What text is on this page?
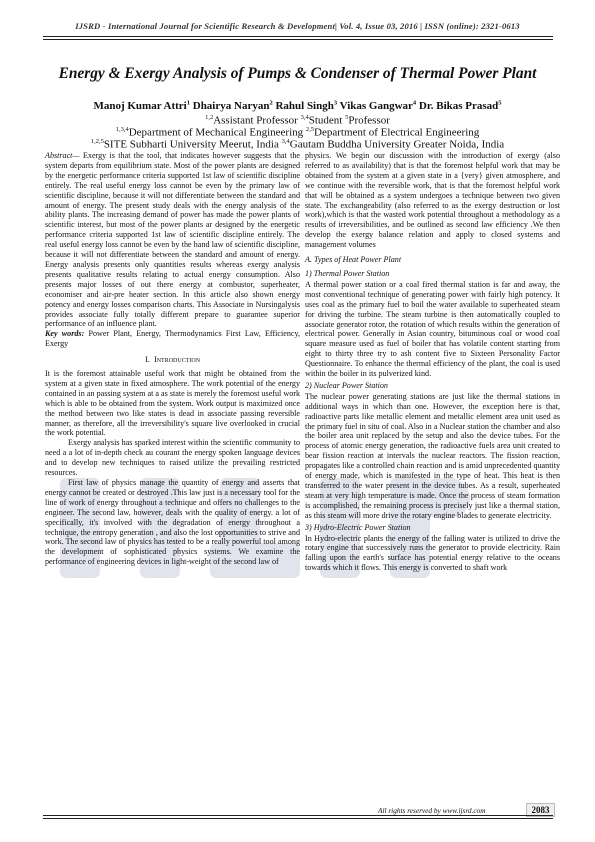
IJSRD - International Journal for Scientific Research & Development| Vol. 4, Issue 03, 2016 | ISSN (online): 2321-0613
Energy & Exergy Analysis of Pumps & Condenser of Thermal Power Plant
Manoj Kumar Attri$^1$ Dhairya Naryan$^2$ Rahul Singh$^3$ Vikas Gangwar$^4$ Dr. Bikas Prasad$^5$
$^{1,2}$Assistant Professor $^{3,4}$Student $^5$Professor
$^{1,3,4}$Department of Mechanical Engineering $^{2,5}$Department of Electrical Engineering
$^{1,2,5}$SITE Subharti University Meerut, India $^{3,4}$Gautam Buddha University Greater Noida, India

Abstract— Exergy is that the tool, that indicates however suggests that the system departs from equilibrium state. Most of the power plants are designed by the energetic performance criteria supported 1st law of scientific discipline entirely. The real useful energy loss cannot be even by the primary law of scientific discipline, because it will not differentiate between the standard and amount of energy. The present study deals with the energy analysis of the ability plants. The increasing demand of power has made the power plants of scientific interest, but most of the power plants ar designed by the energetic performance criteria supported 1st law of scientific discipline entirely. The real useful energy loss cannot be even by the hand law of scientific discipline, because it will not differentiate between the standard and amount of energy. Energy analysis presents only quantities results whereas exergy analysis presents qualitative results relating to actual energy consumption. Also presents major losses of out there energy at combustor, superheater, economiser and air-pre heater section. In this article also shown energy potency and energy losses comparison charts. This Associate in Nursingalysis provides associate fully totally different prepare to guarantee superior performance of an influence plant.

Key words: Power Plant, Energy, Thermodynamics First Law, Efficiency, Exergy

I. Introduction

It is the foremost attainable useful work that might be obtained from the system at a given state in fixed atmosphere. The work potential of the energy contained in an passing system at a as state is merely the foremost useful work which is able to be obtained from the system. Work output is maximized once the method between two like states is dead in associate passing reversible manner, as therefore, all the irreversibility's square live overlooked in crucial the work potential.

Exergy analysis has sparked interest within the scientific community to need a a lot of in-depth check au courant the energy spoken language devices and to develop new techniques to raised utilize the prevailing restricted resources.

First law of physics manage the quantity of energy and asserts that energy cannot be created or destroyed .This law just is a necessary tool for the line of work of energy throughout a technique and offers no challenges to the engineer. The second law, however, deals with the quality of energy. a lot of specifically, it's involved with the degradation of energy throughout a technique, the entropy generation , and also the lost opportunities to strive and work. The second law of physics has tested to be a really powerful tool among the development of sophisticated physics systems. We examine the performance of engineering devices in light-weight of the second law of

physics. We begin our discussion with the introduction of exergy (also referred to as availability) that is that the foremost helpful work that may be obtained from the system at a given state in a {very} given atmosphere, and we continue with the reversible work, that is that the foremost helpful work that will be obtained as a system undergoes a technique between two given state. The exchangeability (also referred to as the exergy destruction or lost work),which is that the wasted work potential throughout a methodology as a results of irreversibilities, and be outlined as second law efficiency .We then develop the exergy balance relation and apply to closed systems and management volumes

A. Types of Heat Power Plant
1) Thermal Power Station

A thermal power station or a coal fired thermal station is far and away, the most conventional technique of generating power with fairly high potency. It uses coal as the primary fuel to boil the water available to superheated steam for driving the turbine. The steam turbine is then automatically coupled to associate generator rotor, the rotation of which results within the generation of electrical power. Generally in Asian country, bituminous coal or wood coal square measure used as fuel of boiler that has volatile content starting from eight to thirty three try to ash content five to Sixteen Personality Factor Questionnaire. To enhance the thermal efficiency of the plant, the coal is used within the boiler in its pulverized kind.

2) Nuclear Power Station

The nuclear power generating stations are just like the thermal stations in additional ways in which than one. However, the exception here is that, radioactive parts like metallic element and metallic element area unit used as the primary fuel in situ of coal. Also in a Nuclear station the chamber and also the boiler area unit replaced by the setup and also the device tubes. For the process of atomic energy generation, the radioactive fuels area unit created to bear fission reaction at intervals the nuclear reactors. The fission reaction, propagates like a controlled chain reaction and is amid unprecedented quantity of energy made, which is manifested in the type of heat. This heat is then transferred to the water present in the device tubes. As a result, superheated steam at very high temperature is made. Once the process of steam formation is accomplished, the remaining process is precisely just like a thermal station, as this steam will more drive the rotary engine blades to generate electricity.

3) Hydro-Electric Power Station

In Hydro-electric plants the energy of the falling water is utilized to drive the rotary engine that successively runs the generator to provide electricity. Rain falling upon the earth's surface has potential energy relative to the oceans towards which it flows. This energy is converted to shaft work

All rights reserved by www.ijsrd.com	2083
